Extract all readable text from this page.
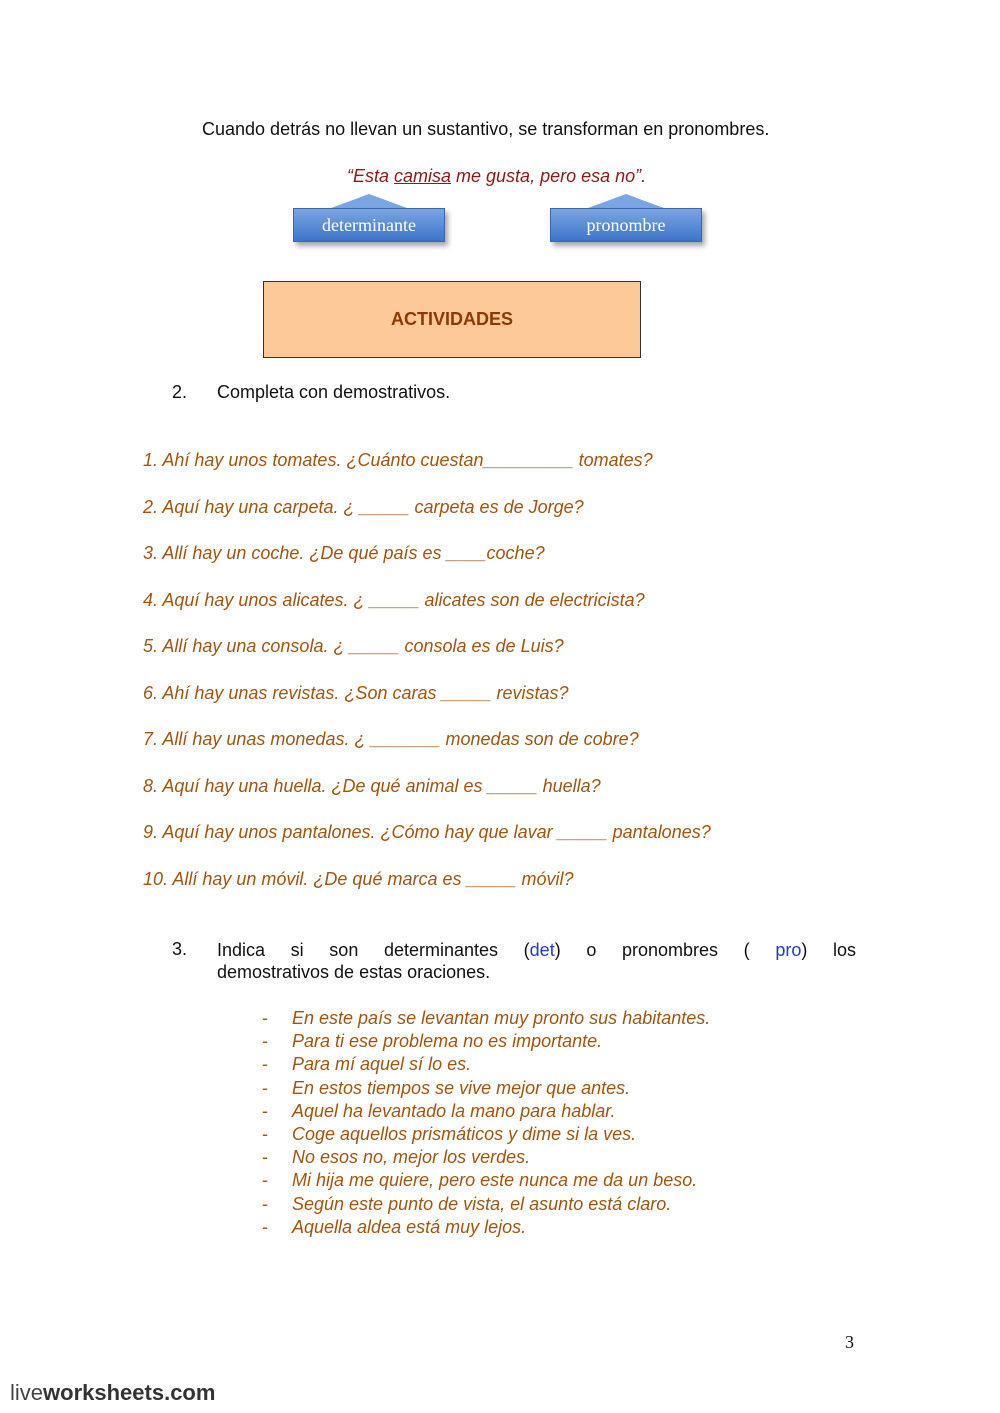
Cuando detrás no llevan un sustantivo, se transforman en pronombres.
“Esta camisa me gusta, pero esa no”.
determinante	pronombre
ACTIVIDADES
2. Completa con demostrativos.
1. Ahí hay unos tomates. ¿Cuánto cuestan_________ tomates?
2. Aquí hay una carpeta. ¿ _____ carpeta es de Jorge?
3. Allí hay un coche. ¿De qué país es ____coche?
4. Aquí hay unos alicates. ¿ _____ alicates son de electricista?
5. Allí hay una consola. ¿ _____ consola es de Luis?
6. Ahí hay unas revistas. ¿Son caras _____ revistas?
7. Allí hay unas monedas. ¿ _______ monedas son de cobre?
8. Aquí hay una huella. ¿De qué animal es _____ huella?
9. Aquí hay unos pantalones. ¿Cómo hay que lavar _____ pantalones?
10. Allí hay un móvil. ¿De qué marca es _____ móvil?
3. Indica si son determinantes (det) o pronombres ( pro) los
demostrativos de estas oraciones.
-	En este país se levantan muy pronto sus habitantes.
-	Para ti ese problema no es importante.
-	Para mí aquel sí lo es.
-	En estos tiempos se vive mejor que antes.
-	Aquel ha levantado la mano para hablar.
-	Coge aquellos prismáticos y dime si la ves.
-	No esos no, mejor los verdes.
-	Mi hija me quiere, pero este nunca me da un beso.
-	Según este punto de vista, el asunto está claro.
-	Aquella aldea está muy lejos.
3
liveworksheets.com
